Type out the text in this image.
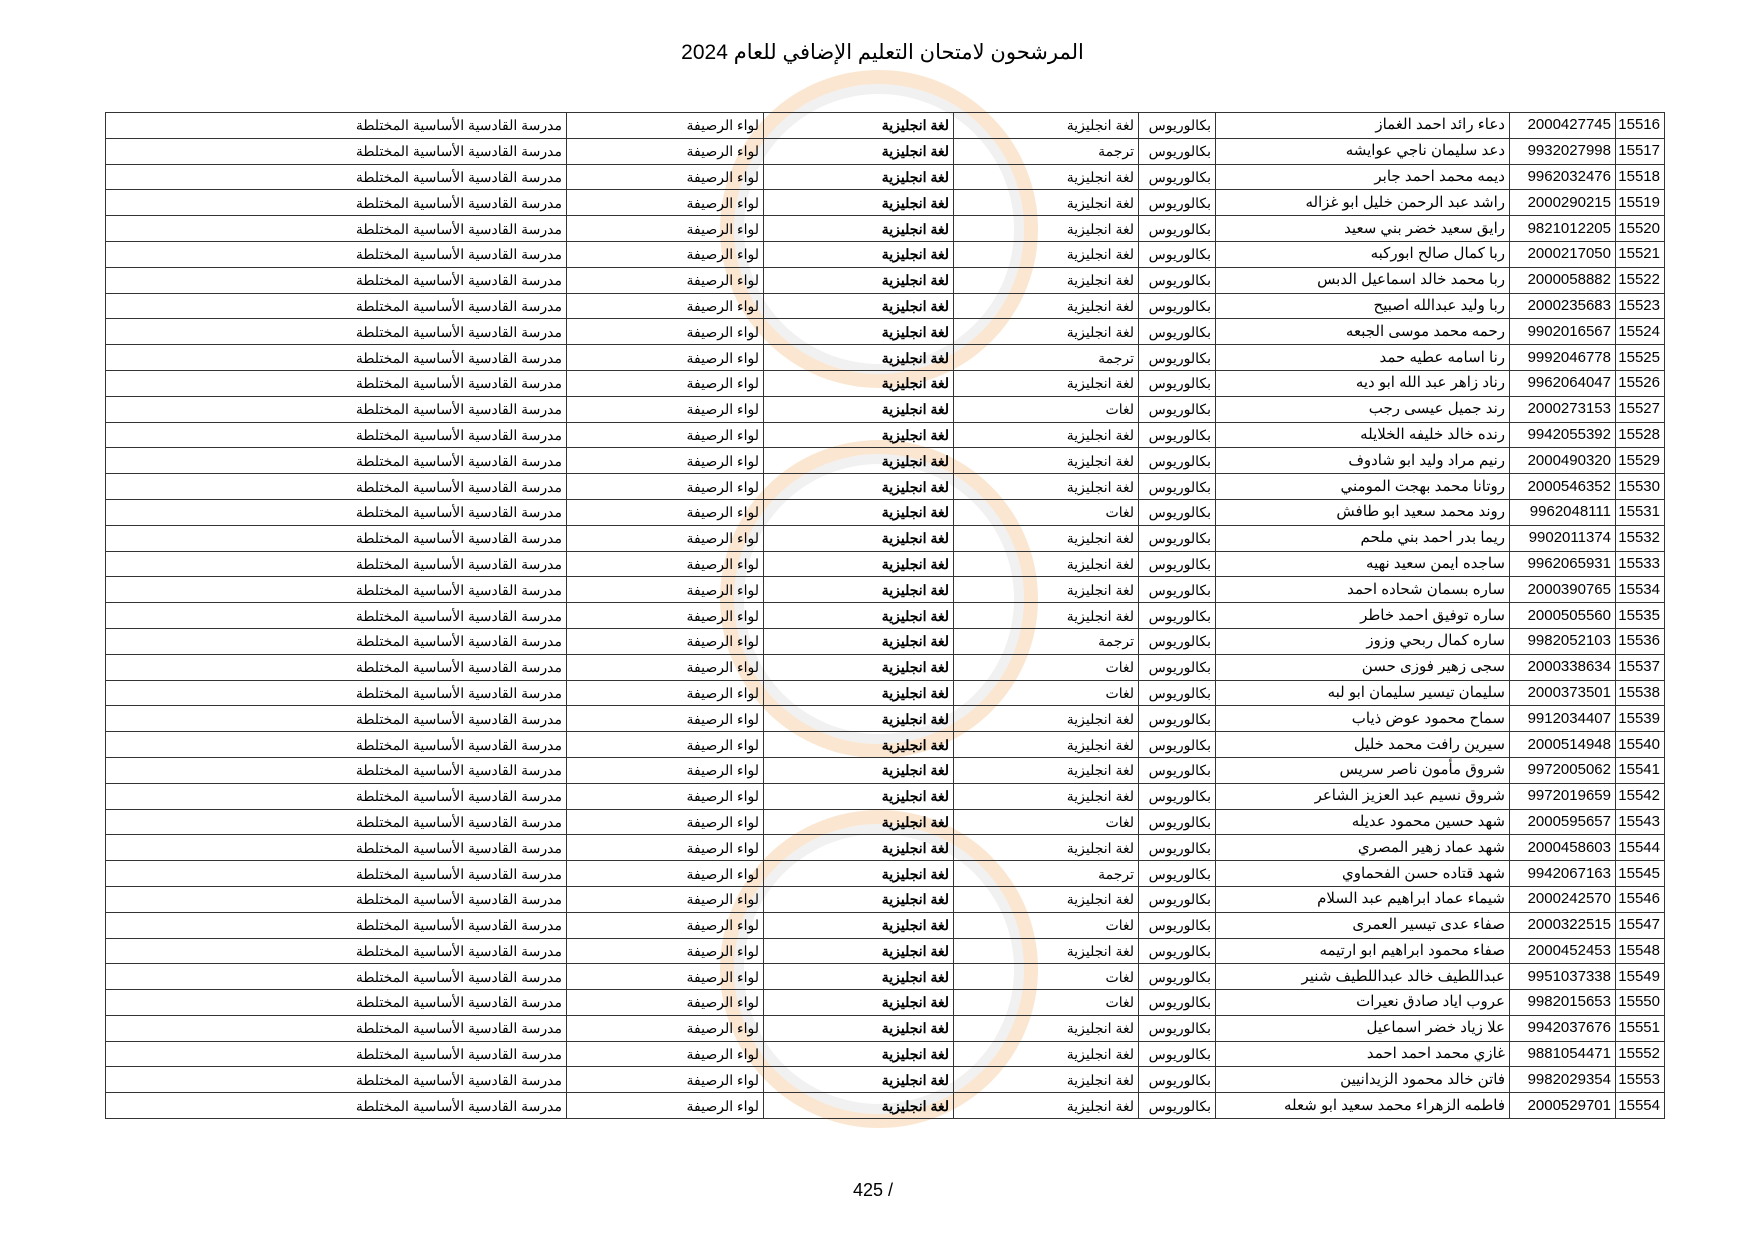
المرشحون لامتحان التعليم الإضافي للعام 2024
مدرسة القادسية الأساسية المختلطة	لواء الرصيفة	لغة انجليزية	لغة انجليزية	بكالوريوس	دعاء رائد احمد الغماز	2000427745	15516
مدرسة القادسية الأساسية المختلطة	لواء الرصيفة	لغة انجليزية	ترجمة	بكالوريوس	دعد سليمان ناجي عوايشه	9932027998	15517
مدرسة القادسية الأساسية المختلطة	لواء الرصيفة	لغة انجليزية	لغة انجليزية	بكالوريوس	ديمه محمد احمد جابر	9962032476	15518
مدرسة القادسية الأساسية المختلطة	لواء الرصيفة	لغة انجليزية	لغة انجليزية	بكالوريوس	راشد عبد الرحمن خليل ابو غزاله	2000290215	15519
مدرسة القادسية الأساسية المختلطة	لواء الرصيفة	لغة انجليزية	لغة انجليزية	بكالوريوس	رايق سعيد خضر بني سعيد	9821012205	15520
مدرسة القادسية الأساسية المختلطة	لواء الرصيفة	لغة انجليزية	لغة انجليزية	بكالوريوس	ربا كمال صالح ابوركبه	2000217050	15521
مدرسة القادسية الأساسية المختلطة	لواء الرصيفة	لغة انجليزية	لغة انجليزية	بكالوريوس	ربا محمد خالد اسماعيل الدبس	2000058882	15522
مدرسة القادسية الأساسية المختلطة	لواء الرصيفة	لغة انجليزية	لغة انجليزية	بكالوريوس	ربا وليد عبدالله اصبيح	2000235683	15523
مدرسة القادسية الأساسية المختلطة	لواء الرصيفة	لغة انجليزية	لغة انجليزية	بكالوريوس	رحمه محمد موسى الجبعه	9902016567	15524
مدرسة القادسية الأساسية المختلطة	لواء الرصيفة	لغة انجليزية	ترجمة	بكالوريوس	رنا اسامه عطيه حمد	9992046778	15525
مدرسة القادسية الأساسية المختلطة	لواء الرصيفة	لغة انجليزية	لغة انجليزية	بكالوريوس	رناد زاهر عبد الله ابو ديه	9962064047	15526
مدرسة القادسية الأساسية المختلطة	لواء الرصيفة	لغة انجليزية	لغات	بكالوريوس	رند جميل عيسى رجب	2000273153	15527
مدرسة القادسية الأساسية المختلطة	لواء الرصيفة	لغة انجليزية	لغة انجليزية	بكالوريوس	رنده خالد خليفه الخلايله	9942055392	15528
مدرسة القادسية الأساسية المختلطة	لواء الرصيفة	لغة انجليزية	لغة انجليزية	بكالوريوس	رنيم مراد وليد ابو شادوف	2000490320	15529
مدرسة القادسية الأساسية المختلطة	لواء الرصيفة	لغة انجليزية	لغة انجليزية	بكالوريوس	روتانا محمد بهجت المومني	2000546352	15530
مدرسة القادسية الأساسية المختلطة	لواء الرصيفة	لغة انجليزية	لغات	بكالوريوس	روند محمد سعيد ابو طافش	9962048111	15531
مدرسة القادسية الأساسية المختلطة	لواء الرصيفة	لغة انجليزية	لغة انجليزية	بكالوريوس	ريما بدر احمد بني ملحم	9902011374	15532
مدرسة القادسية الأساسية المختلطة	لواء الرصيفة	لغة انجليزية	لغة انجليزية	بكالوريوس	ساجده ايمن سعيد نهيه	9962065931	15533
مدرسة القادسية الأساسية المختلطة	لواء الرصيفة	لغة انجليزية	لغة انجليزية	بكالوريوس	ساره بسمان شحاده احمد	2000390765	15534
مدرسة القادسية الأساسية المختلطة	لواء الرصيفة	لغة انجليزية	لغة انجليزية	بكالوريوس	ساره توفيق احمد خاطر	2000505560	15535
مدرسة القادسية الأساسية المختلطة	لواء الرصيفة	لغة انجليزية	ترجمة	بكالوريوس	ساره كمال ربحي وزوز	9982052103	15536
مدرسة القادسية الأساسية المختلطة	لواء الرصيفة	لغة انجليزية	لغات	بكالوريوس	سجى زهير فوزى حسن	2000338634	15537
مدرسة القادسية الأساسية المختلطة	لواء الرصيفة	لغة انجليزية	لغات	بكالوريوس	سليمان تيسير سليمان ابو لبه	2000373501	15538
مدرسة القادسية الأساسية المختلطة	لواء الرصيفة	لغة انجليزية	لغة انجليزية	بكالوريوس	سماح محمود عوض ذياب	9912034407	15539
مدرسة القادسية الأساسية المختلطة	لواء الرصيفة	لغة انجليزية	لغة انجليزية	بكالوريوس	سيرين رافت محمد خليل	2000514948	15540
مدرسة القادسية الأساسية المختلطة	لواء الرصيفة	لغة انجليزية	لغة انجليزية	بكالوريوس	شروق مأمون ناصر سريس	9972005062	15541
مدرسة القادسية الأساسية المختلطة	لواء الرصيفة	لغة انجليزية	لغة انجليزية	بكالوريوس	شروق نسيم عبد العزيز الشاعر	9972019659	15542
مدرسة القادسية الأساسية المختلطة	لواء الرصيفة	لغة انجليزية	لغات	بكالوريوس	شهد حسين محمود عديله	2000595657	15543
مدرسة القادسية الأساسية المختلطة	لواء الرصيفة	لغة انجليزية	لغة انجليزية	بكالوريوس	شهد عماد زهير المصري	2000458603	15544
مدرسة القادسية الأساسية المختلطة	لواء الرصيفة	لغة انجليزية	ترجمة	بكالوريوس	شهد قتاده حسن الفحماوي	9942067163	15545
مدرسة القادسية الأساسية المختلطة	لواء الرصيفة	لغة انجليزية	لغة انجليزية	بكالوريوس	شيماء عماد ابراهيم عبد السلام	2000242570	15546
مدرسة القادسية الأساسية المختلطة	لواء الرصيفة	لغة انجليزية	لغات	بكالوريوس	صفاء عدى تيسير العمرى	2000322515	15547
مدرسة القادسية الأساسية المختلطة	لواء الرصيفة	لغة انجليزية	لغة انجليزية	بكالوريوس	صفاء محمود ابراهيم ابو ارتيمه	2000452453	15548
مدرسة القادسية الأساسية المختلطة	لواء الرصيفة	لغة انجليزية	لغات	بكالوريوس	عبداللطيف خالد عبداللطيف شنير	9951037338	15549
مدرسة القادسية الأساسية المختلطة	لواء الرصيفة	لغة انجليزية	لغات	بكالوريوس	عروب اياد صادق نعيرات	9982015653	15550
مدرسة القادسية الأساسية المختلطة	لواء الرصيفة	لغة انجليزية	لغة انجليزية	بكالوريوس	علا زياد خضر اسماعيل	9942037676	15551
مدرسة القادسية الأساسية المختلطة	لواء الرصيفة	لغة انجليزية	لغة انجليزية	بكالوريوس	غازي محمد احمد احمد	9881054471	15552
مدرسة القادسية الأساسية المختلطة	لواء الرصيفة	لغة انجليزية	لغة انجليزية	بكالوريوس	فاتن خالد محمود الزيدانيين	9982029354	15553
مدرسة القادسية الأساسية المختلطة	لواء الرصيفة	لغة انجليزية	لغة انجليزية	بكالوريوس	فاطمه الزهراء محمد سعيد ابو شعله	2000529701	15554
425 /
